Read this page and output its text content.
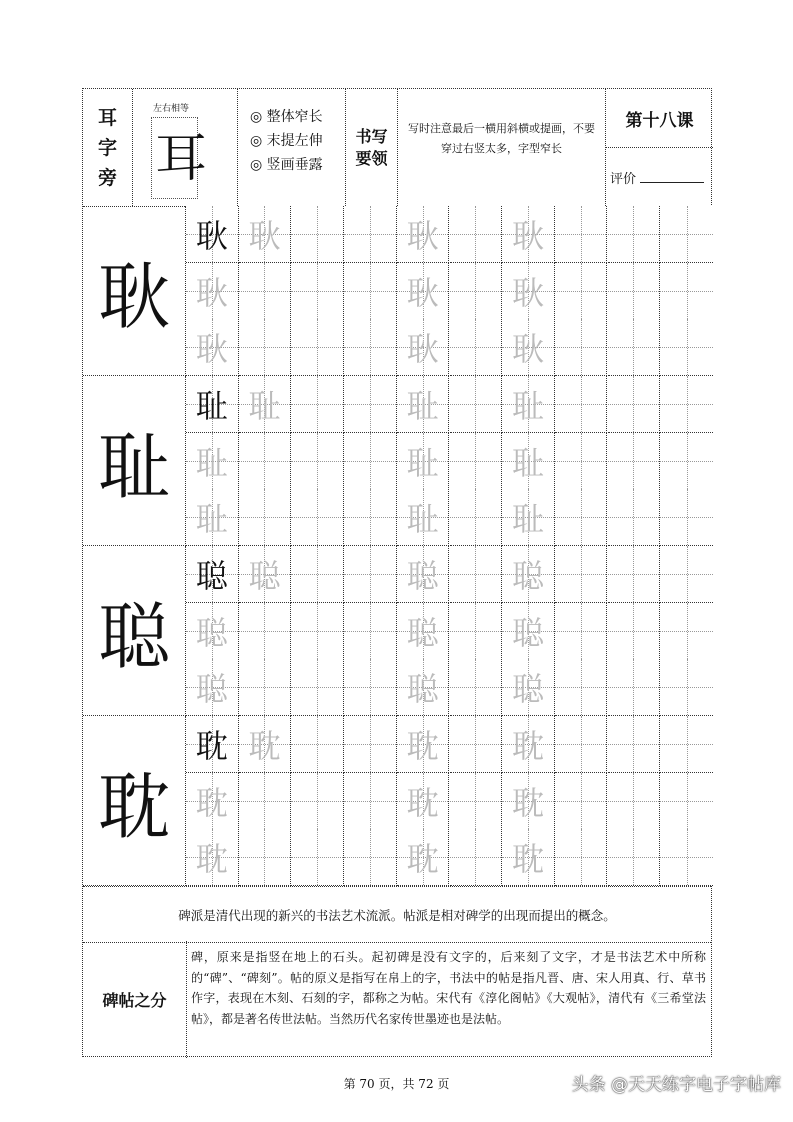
耳
字
旁
左右相等
耳
◎ 整体窄长
◎ 末提左伸
◎ 竖画垂露
书写
要领
写时注意最后一横用斜横或提画，不要穿过右竖太多，字型窄长
第十八课
评价
耿
耿 耿	耿 耿
耿	耿 耿
耿	耿 耿
耻
耻 耻	耻 耻
耻	耻 耻
耻	耻 耻
聪
聪 聪	聪 聪
聪	聪 聪
聪	聪 聪
耽
耽 耽	耽 耽
耽	耽 耽
耽	耽 耽
碑派是清代出现的新兴的书法艺术流派。帖派是相对碑学的出现而提出的概念。
碑帖之分
碑，原来是指竖在地上的石头。起初碑是没有文字的，后来刻了文字，才是书法艺术中所称的“碑”、“碑刻”。帖的原义是指写在帛上的字，书法中的帖是指凡晋、唐、宋人用真、行、草书作字，表现在木刻、石刻的字，都称之为帖。宋代有《淳化阁帖》《大观帖》，清代有《三希堂法帖》，都是著名传世法帖。当然历代名家传世墨迹也是法帖。
第 70 页，共 72 页	头条 @天天练字电子字帖库
